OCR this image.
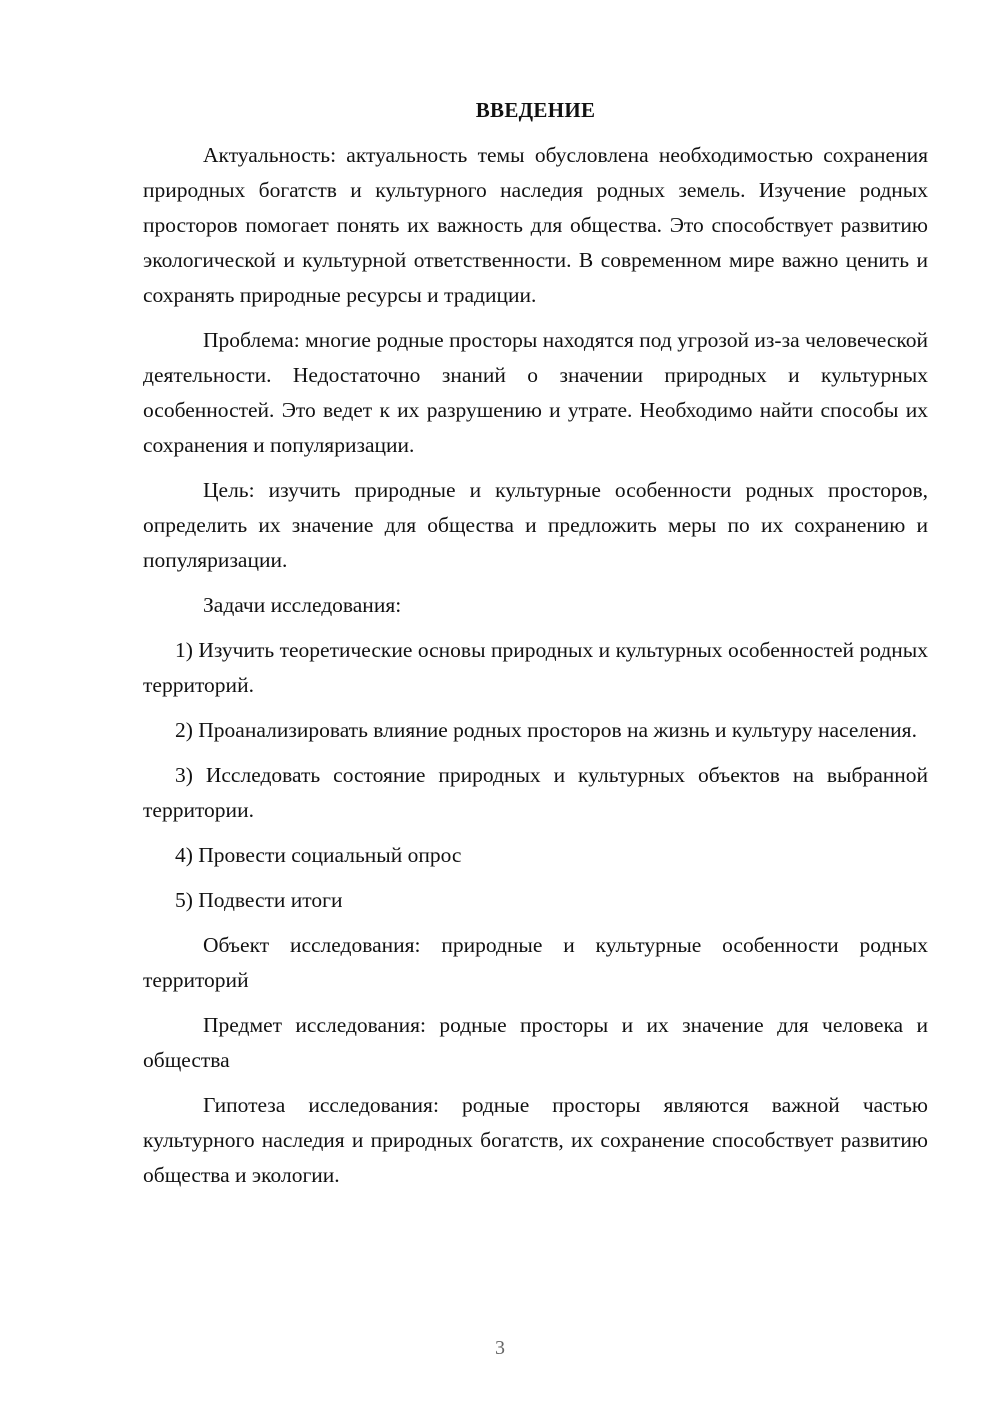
ВВЕДЕНИЕ

Актуальность: актуальность темы обусловлена необходимостью сохранения природных богатств и культурного наследия родных земель. Изучение родных просторов помогает понять их важность для общества. Это способствует развитию экологической и культурной ответственности. В современном мире важно ценить и сохранять природные ресурсы и традиции.

Проблема: многие родные просторы находятся под угрозой из-за человеческой деятельности. Недостаточно знаний о значении природных и культурных особенностей. Это ведет к их разрушению и утрате. Необходимо найти способы их сохранения и популяризации.

Цель: изучить природные и культурные особенности родных просторов, определить их значение для общества и предложить меры по их сохранению и популяризации.

Задачи исследования:

1) Изучить теоретические основы природных и культурных особенностей родных территорий.

2) Проанализировать влияние родных просторов на жизнь и культуру населения.

3) Исследовать состояние природных и культурных объектов на выбранной территории.

4) Провести социальный опрос

5) Подвести итоги

Объект исследования: природные и культурные особенности родных территорий

Предмет исследования: родные просторы и их значение для человека и общества

Гипотеза исследования: родные просторы являются важной частью культурного наследия и природных богатств, их сохранение способствует развитию общества и экологии.

3
